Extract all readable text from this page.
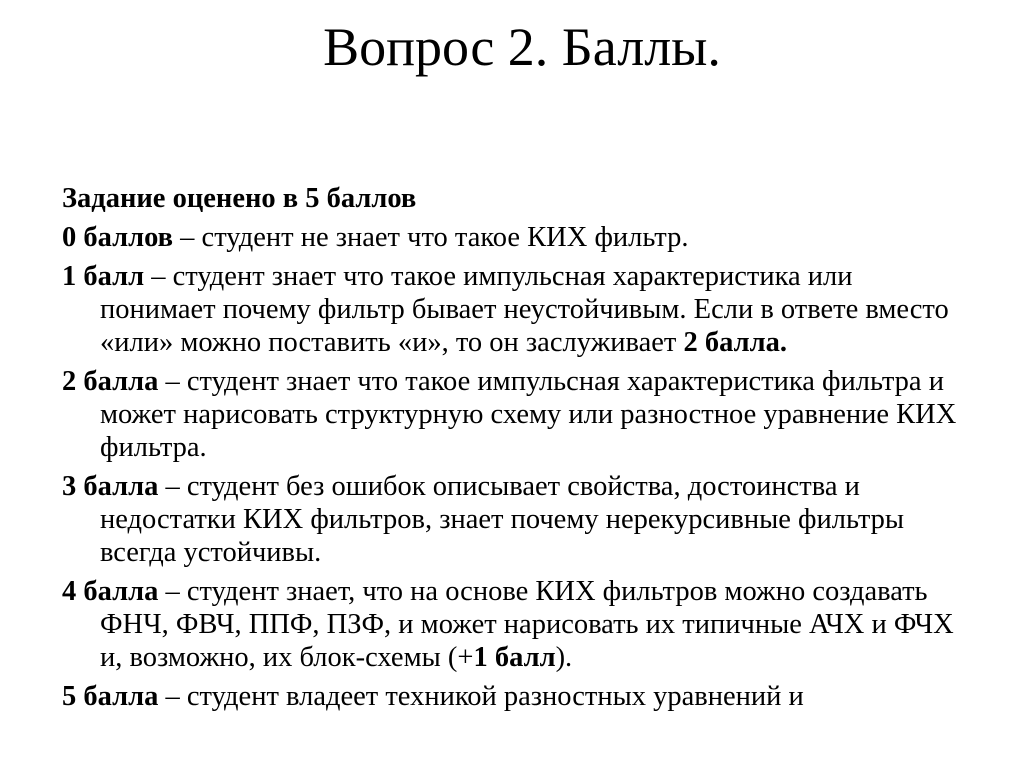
Вопрос 2. Баллы.
Задание оценено в 5 баллов
0 баллов – студент не знает что такое КИХ фильтр.
1 балл – студент знает что такое импульсная характеристика или понимает почему фильтр бывает неустойчивым. Если в ответе вместо «или» можно поставить «и», то он заслуживает 2 балла.
2 балла – студент знает что такое импульсная характеристика фильтра и может нарисовать структурную схему или разностное уравнение КИХ фильтра.
3 балла – студент без ошибок описывает свойства, достоинства и недостатки КИХ фильтров, знает почему нерекурсивные фильтры всегда устойчивы.
4 балла – студент знает, что на основе КИХ фильтров можно создавать ФНЧ, ФВЧ, ППФ, ПЗФ, и может нарисовать их типичные АЧХ и ФЧХ и, возможно, их блок-схемы (+1 балл).
5 балла – студент владеет техникой разностных уравнений и
